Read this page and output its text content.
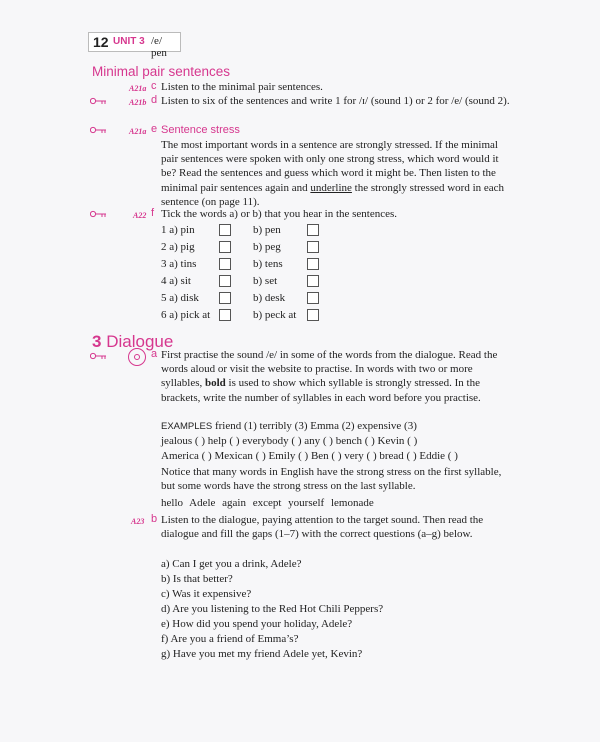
12 UNIT 3 /e/ pen
Minimal pair sentences
A21a c Listen to the minimal pair sentences.
A21b d Listen to six of the sentences and write 1 for /ɪ/ (sound 1) or 2 for /e/ (sound 2).
A21a e Sentence stress
The most important words in a sentence are strongly stressed. If the minimal pair sentences were spoken with only one strong stress, which word would it be? Read the sentences and guess which word it might be. Then listen to the minimal pair sentences again and underline the strongly stressed word in each sentence (on page 11).
A22 f Tick the words a) or b) that you hear in the sentences.
1 a) pin	b) pen
2 a) pig	b) peg
3 a) tins	b) tens
4 a) sit	b) set
5 a) disk	b) desk
6 a) pick at	b) peck at
3 Dialogue
a First practise the sound /e/ in some of the words from the dialogue. Read the words aloud or visit the website to practise. In words with two or more syllables, bold is used to show which syllable is strongly stressed. In the brackets, write the number of syllables in each word before you practise.
EXAMPLES friend (1) terribly (3) Emma (2) expensive (3)
jealous ( ) help ( ) everybody ( ) any ( ) bench ( ) Kevin ( )
America ( ) Mexican ( ) Emily ( ) Ben ( ) very ( ) bread ( ) Eddie ( )
Notice that many words in English have the strong stress on the first syllable, but some words have the strong stress on the last syllable.
hello Adele again except yourself lemonade
A23 b Listen to the dialogue, paying attention to the target sound. Then read the dialogue and fill the gaps (1–7) with the correct questions (a–g) below.
a) Can I get you a drink, Adele?
b) Is that better?
c) Was it expensive?
d) Are you listening to the Red Hot Chili Peppers?
e) How did you spend your holiday, Adele?
f) Are you a friend of Emma’s?
g) Have you met my friend Adele yet, Kevin?
